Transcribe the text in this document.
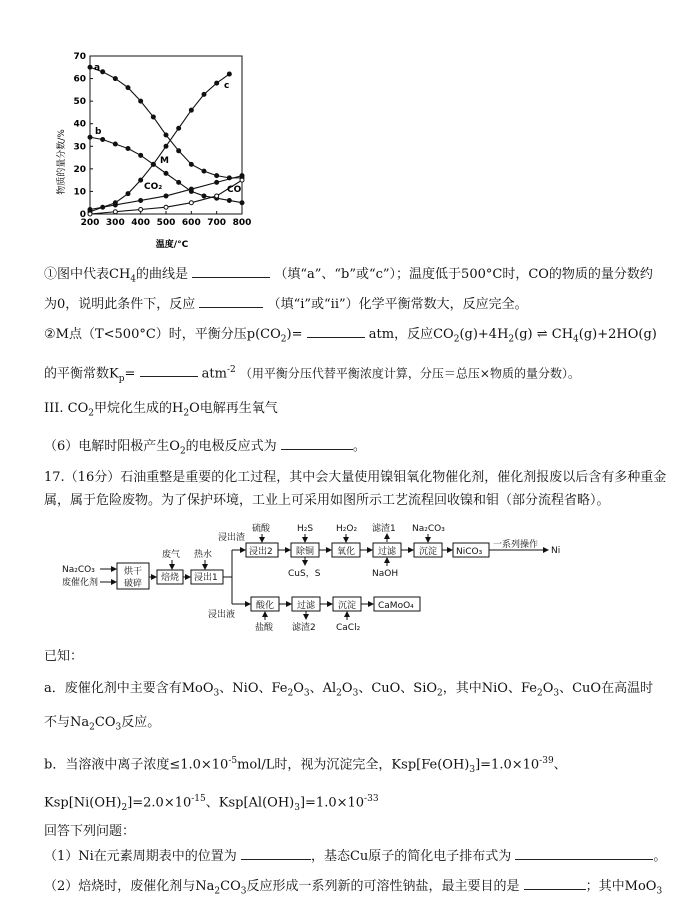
200 300 400 500 600 700 800
0
10
20
30
40
50
60
70
物质的量分数/%
温度/°C
a
b
c
M
CO₂	CO
①图中代表$CH_4$的曲线是	（填“a”、“b”或“c”）；温度低于500°C时，CO的物质的量分数约
为0，说明此条件下，反应	（填“i”或“ii”）化学平衡常数大，反应完全。
②M点（T<500°C）时，平衡分压$p(CO_2)=$	atm，反应$CO_2(g)+4H_2(g)$ ⇌ $CH_4(g)+2HO(g)$
的平衡常数$K_p=$	atm$^{-2}$ （用平衡分压代替平衡浓度计算，分压＝总压×物质的量分数）。
III. $CO_2$甲烷化生成的$H_2O$电解再生氧气
（6）电解时阳极产生$O_2$的电极反应式为	。
17.（16分）石油重整是重要的化工过程，其中会大量使用镍钼氧化物催化剂，催化剂报废以后含有多种重金
属，属于危险废物。为了保护环境，工业上可采用如图所示工艺流程回收镍和钼（部分流程省略）。
Na₂CO₃
废催化剂
烘干
破碎
废气
焙烧
热水
浸出1
浸出渣
浸出液
硫酸
浸出2
H₂S
除铜
CuS，S
H₂O₂
氧化
滤渣1
过滤
NaOH
Na₂CO₃
沉淀 NiCO₃
一系列操作
Ni
酸化
盐酸
过滤
滤渣2
沉淀
CaCl₂
CaMoO₄
已知：
a．废催化剂中主要含有MoO$_3$、NiO、$Fe_2O_3$、$Al_2O_3$、CuO、SiO$_2$，其中NiO、$Fe_2O_3$、CuO在高温时
不与$Na_2CO_3$反应。
b．当溶液中离子浓度$\le 1.0\times 10^{-5}mol/L$时，视为沉淀完全，$Ksp[Fe(OH)_3]=1.0\times 10^{-39}$、
$Ksp[Ni(OH)_2]=2.0\times 10^{-15}$、$Ksp[Al(OH)_3]=1.0\times 10^{-33}$
回答下列问题：
（1）Ni在元素周期表中的位置为	，基态Cu原子的简化电子排布式为	。
（2）焙烧时，废催化剂与$Na_2CO_3$反应形成一系列新的可溶性钠盐，最主要目的是	；其中MoO$_3$
